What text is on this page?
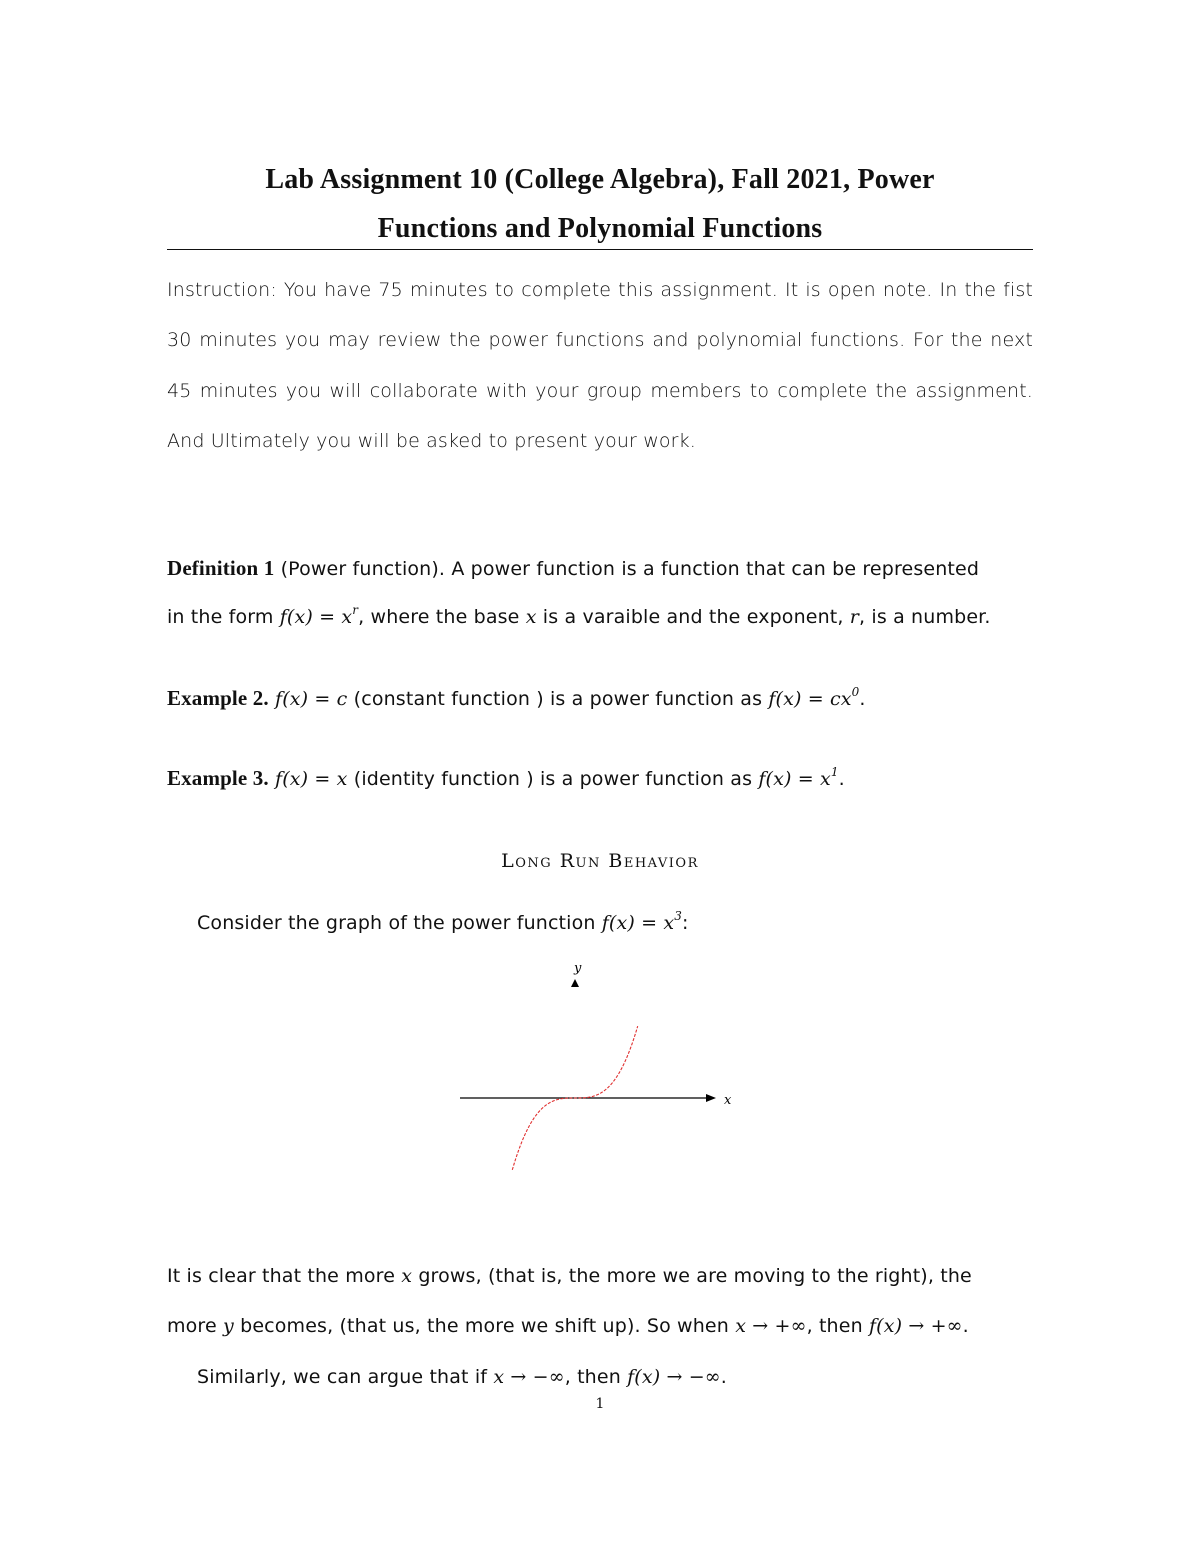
Lab Assignment 10 (College Algebra), Fall 2021, Power
Functions and Polynomial Functions
Instruction: You have 75 minutes to complete this assignment. It is open note. In the fist 30 minutes you may review the power functions and polynomial functions. For the next 45 minutes you will collaborate with your group members to complete the assignment. And Ultimately you will be asked to present your work.
Definition 1 (Power function). A power function is a function that can be represented
in the form $f(x) = x^r$, where the base x is a varaible and the exponent, r, is a number.
Example 2. f(x) = c (constant function ) is a power function as $f(x) = cx^0$.
Example 3. f(x) = x (identity function ) is a power function as $f(x) = x^1$.
Long Run Behavior
Consider the graph of the power function $f(x) = x^3$:
y
x
It is clear that the more x grows, (that is, the more we are moving to the right), the
more y becomes, (that us, the more we shift up). So when x → +∞, then f(x) → +∞.
Similarly, we can argue that if x → −∞, then f(x) → −∞.
1
